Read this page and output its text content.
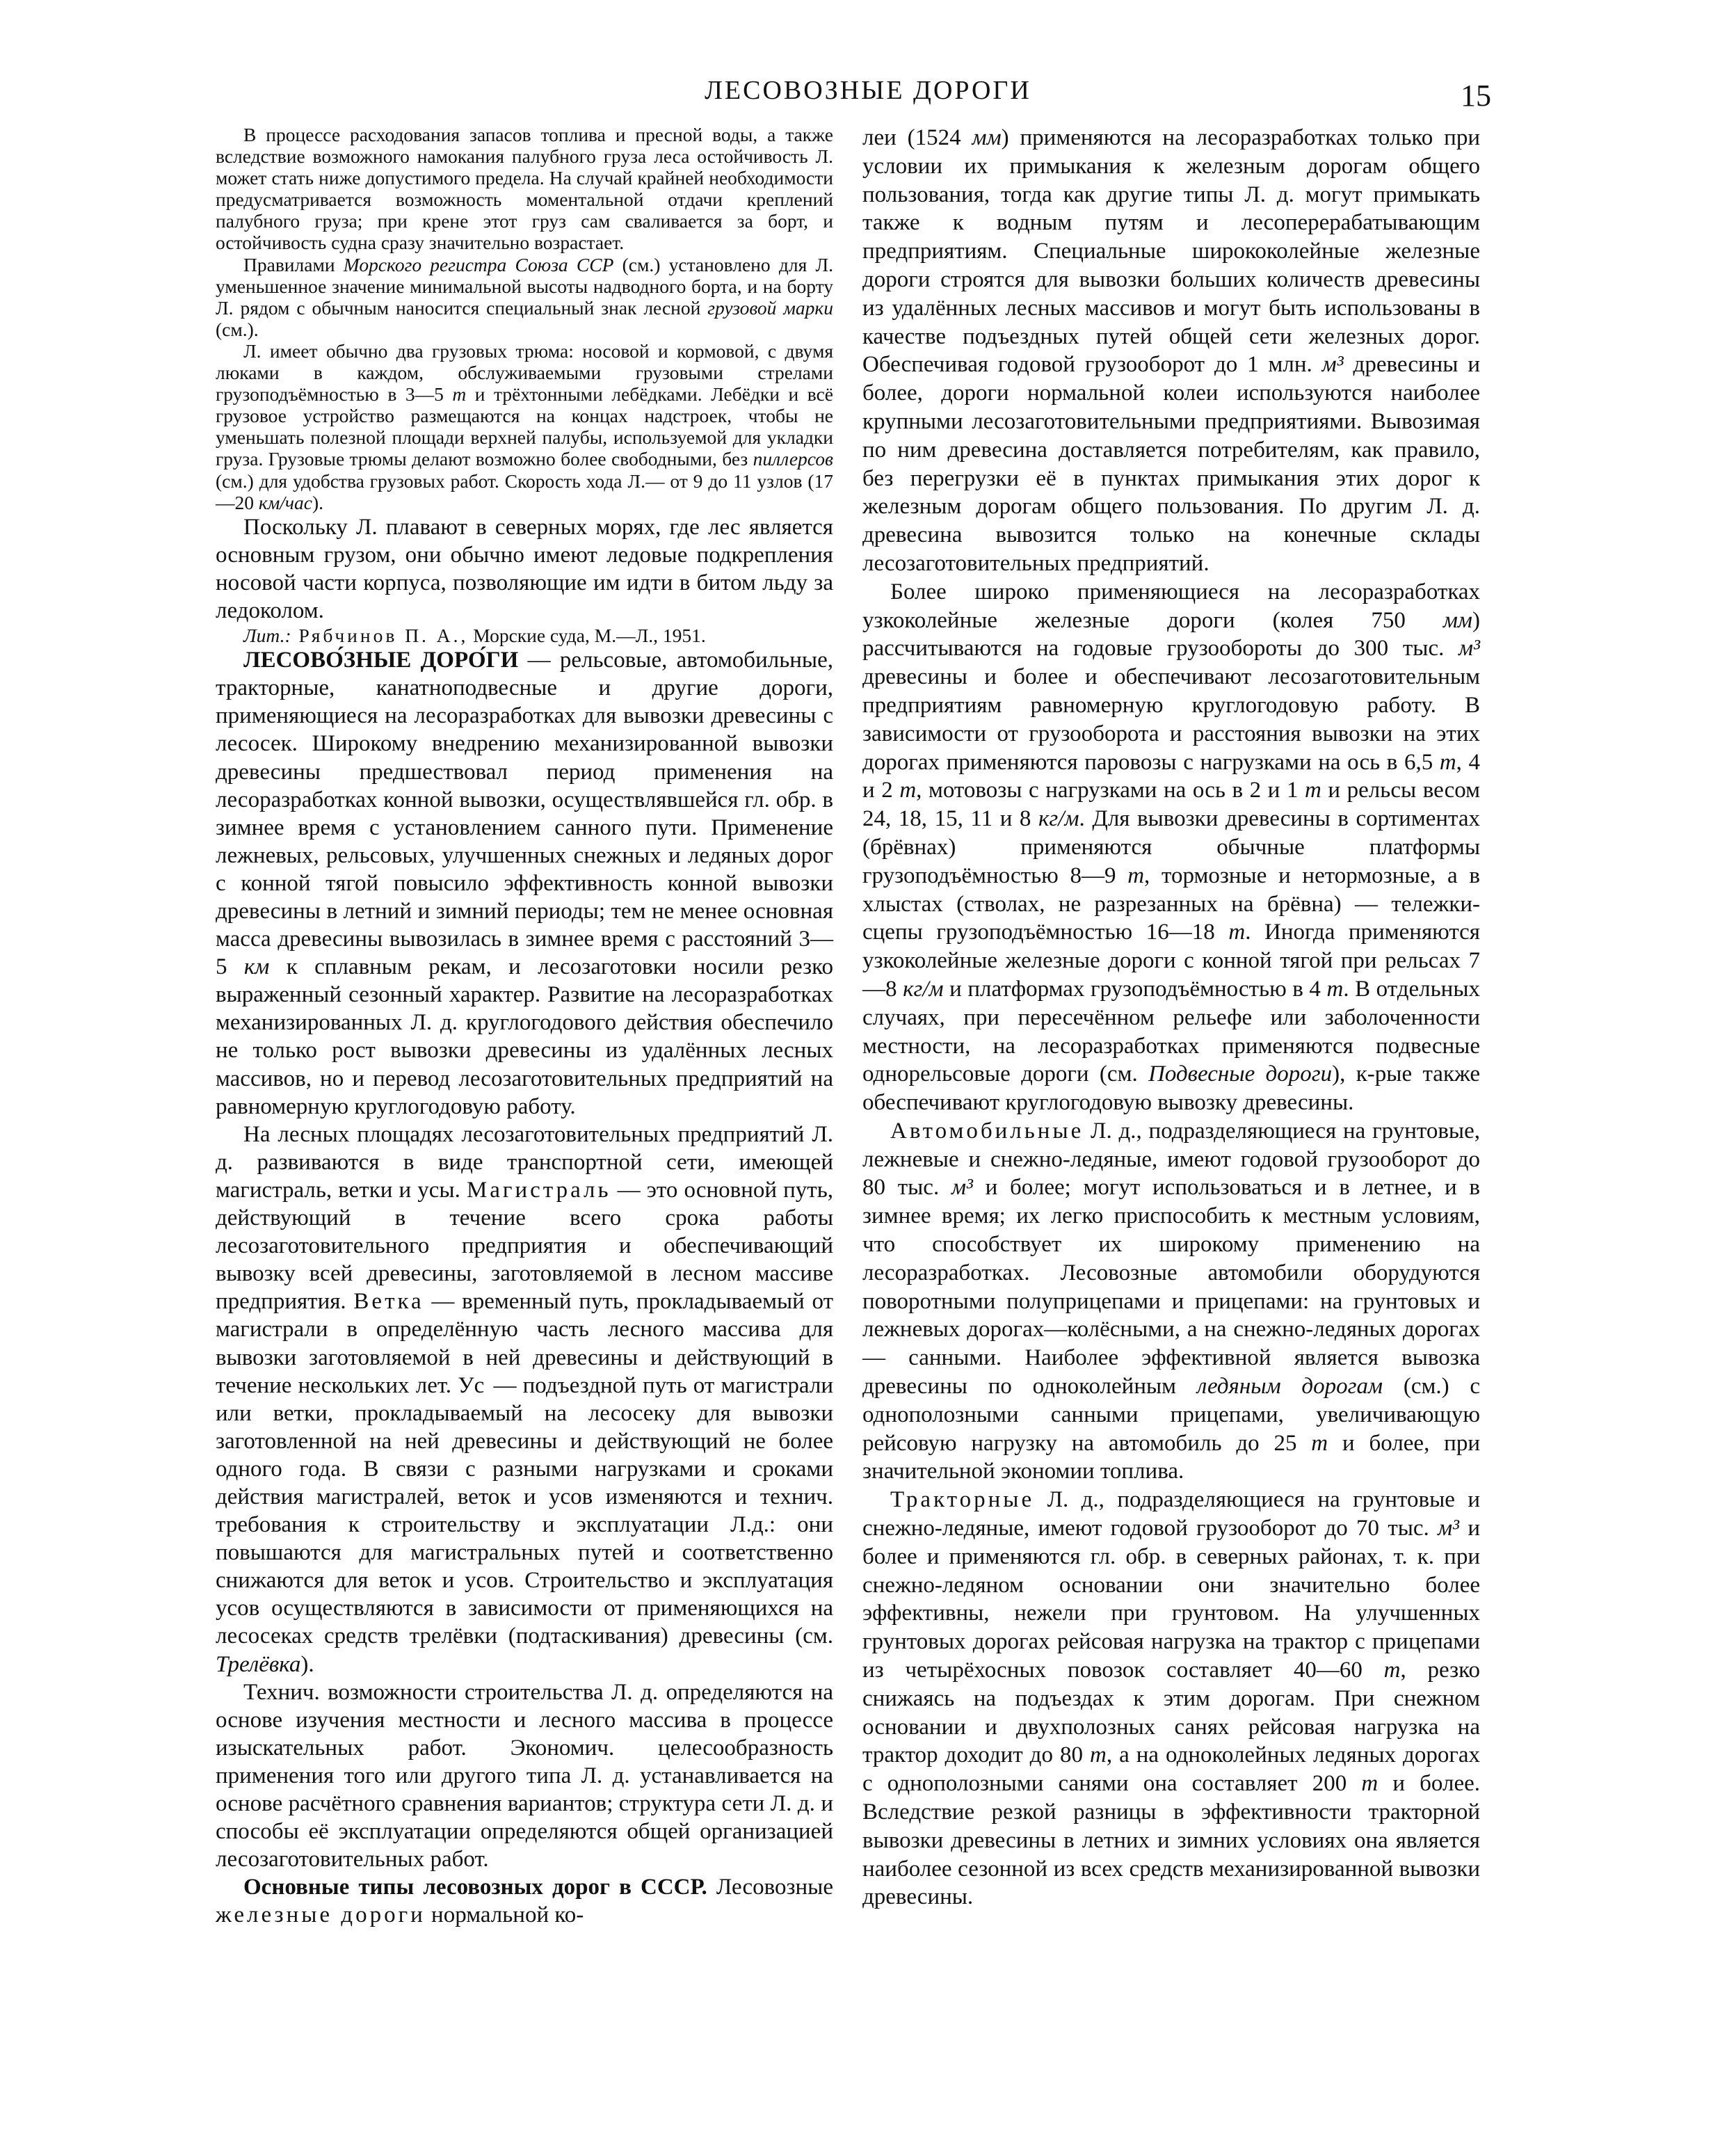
ЛЕСОВОЗНЫЕ ДОРОГИ	15

В процессе расходования запасов топлива и пресной воды, а также вследствие возможного намокания палубного груза леса остойчивость Л. может стать ниже допустимого предела. На случай крайней необходимости предусматривается возможность моментальной отдачи креплений палубного груза; при крене этот груз сам сваливается за борт, и остойчивость судна сразу значительно возрастает.

Правилами Морского регистра Союза ССР (см.) установлено для Л. уменьшенное значение минимальной высоты надводного борта, и на борту Л. рядом с обычным наносится специальный знак лесной грузовой марки (см.).

Л. имеет обычно два грузовых трюма: носовой и кормовой, с двумя люками в каждом, обслуживаемыми грузовыми стрелами грузоподъёмностью в 3—5 т и трёхтонными лебёдками. Лебёдки и всё грузовое устройство размещаются на концах надстроек, чтобы не уменьшать полезной площади верхней палубы, используемой для укладки груза. Грузовые трюмы делают возможно более свободными, без пиллерсов (см.) для удобства грузовых работ. Скорость хода Л.— от 9 до 11 узлов (17—20 км/час).

Поскольку Л. плавают в северных морях, где лес является основным грузом, они обычно имеют ледовые подкрепления носовой части корпуса, позволяющие им идти в битом льду за ледоколом.

Лит.: Рябчинов П. А., Морские суда, М.—Л., 1951.

ЛЕСОВО́ЗНЫЕ ДОРО́ГИ — рельсовые, автомобильные, тракторные, канатноподвесные и другие дороги, применяющиеся на лесоразработках для вывозки древесины с лесосек. Широкому внедрению механизированной вывозки древесины предшествовал период применения на лесоразработках конной вывозки, осуществлявшейся гл. обр. в зимнее время с установлением санного пути. Применение лежневых, рельсовых, улучшенных снежных и ледяных дорог с конной тягой повысило эффективность конной вывозки древесины в летний и зимний периоды; тем не менее основная масса древесины вывозилась в зимнее время с расстояний 3—5 км к сплавным рекам, и лесозаготовки носили резко выраженный сезонный характер. Развитие на лесоразработках механизированных Л. д. круглогодового действия обеспечило не только рост вывозки древесины из удалённых лесных массивов, но и перевод лесозаготовительных предприятий на равномерную круглогодовую работу.

На лесных площадях лесозаготовительных предприятий Л. д. развиваются в виде транспортной сети, имеющей магистраль, ветки и усы. Магистраль — это основной путь, действующий в течение всего срока работы лесозаготовительного предприятия и обеспечивающий вывозку всей древесины, заготовляемой в лесном массиве предприятия. Ветка — временный путь, прокладываемый от магистрали в определённую часть лесного массива для вывозки заготовляемой в ней древесины и действующий в течение нескольких лет. Ус — подъездной путь от магистрали или ветки, прокладываемый на лесосеку для вывозки заготовленной на ней древесины и действующий не более одного года. В связи с разными нагрузками и сроками действия магистралей, веток и усов изменяются и технич. требования к строительству и эксплуатации Л.д.: они повышаются для магистральных путей и соответственно снижаются для веток и усов. Строительство и эксплуатация усов осуществляются в зависимости от применяющихся на лесосеках средств трелёвки (подтаскивания) древесины (см. Трелёвка).

Технич. возможности строительства Л. д. определяются на основе изучения местности и лесного массива в процессе изыскательных работ. Экономич. целесообразность применения того или другого типа Л. д. устанавливается на основе расчётного сравнения вариантов; структура сети Л. д. и способы её эксплуатации определяются общей организацией лесозаготовительных работ.

Основные типы лесовозных дорог в СССР. Лесовозные железные дороги нормальной ко-

леи (1524 мм) применяются на лесоразработках только при условии их примыкания к железным дорогам общего пользования, тогда как другие типы Л. д. могут примыкать также к водным путям и лесоперерабатывающим предприятиям. Специальные ширококолейные железные дороги строятся для вывозки больших количеств древесины из удалённых лесных массивов и могут быть использованы в качестве подъездных путей общей сети железных дорог. Обеспечивая годовой грузооборот до 1 млн. м³ древесины и более, дороги нормальной колеи используются наиболее крупными лесозаготовительными предприятиями. Вывозимая по ним древесина доставляется потребителям, как правило, без перегрузки её в пунктах примыкания этих дорог к железным дорогам общего пользования. По другим Л. д. древесина вывозится только на конечные склады лесозаготовительных предприятий.

Более широко применяющиеся на лесоразработках узкоколейные железные дороги (колея 750 мм) рассчитываются на годовые грузообороты до 300 тыс. м³ древесины и более и обеспечивают лесозаготовительным предприятиям равномерную круглогодовую работу. В зависимости от грузооборота и расстояния вывозки на этих дорогах применяются паровозы с нагрузками на ось в 6,5 т, 4 и 2 т, мотовозы с нагрузками на ось в 2 и 1 т и рельсы весом 24, 18, 15, 11 и 8 кг/м. Для вывозки древесины в сортиментах (брёвнах) применяются обычные платформы грузоподъёмностью 8—9 т, тормозные и нетормозные, а в хлыстах (стволах, не разрезанных на брёвна) — тележки-сцепы грузоподъёмностью 16—18 т. Иногда применяются узкоколейные железные дороги с конной тягой при рельсах 7—8 кг/м и платформах грузоподъёмностью в 4 т. В отдельных случаях, при пересечённом рельефе или заболоченности местности, на лесоразработках применяются подвесные однорельсовые дороги (см. Подвесные дороги), к-рые также обеспечивают круглогодовую вывозку древесины.

Автомобильные Л. д., подразделяющиеся на грунтовые, лежневые и снежно-ледяные, имеют годовой грузооборот до 80 тыс. м³ и более; могут использоваться и в летнее, и в зимнее время; их легко приспособить к местным условиям, что способствует их широкому применению на лесоразработках. Лесовозные автомобили оборудуются поворотными полуприцепами и прицепами: на грунтовых и лежневых дорогах—колёсными, а на снежно-ледяных дорогах — санными. Наиболее эффективной является вывозка древесины по одноколейным ледяным дорогам (см.) с однополозными санными прицепами, увеличивающую рейсовую нагрузку на автомобиль до 25 т и более, при значительной экономии топлива.

Тракторные Л. д., подразделяющиеся на грунтовые и снежно-ледяные, имеют годовой грузооборот до 70 тыс. м³ и более и применяются гл. обр. в северных районах, т. к. при снежно-ледяном основании они значительно более эффективны, нежели при грунтовом. На улучшенных грунтовых дорогах рейсовая нагрузка на трактор с прицепами из четырёхосных повозок составляет 40—60 т, резко снижаясь на подъездах к этим дорогам. При снежном основании и двухполозных санях рейсовая нагрузка на трактор доходит до 80 т, а на одноколейных ледяных дорогах с однополозными санями она составляет 200 т и более. Вследствие резкой разницы в эффективности тракторной вывозки древесины в летних и зимних условиях она является наиболее сезонной из всех средств механизированной вывозки древесины.
